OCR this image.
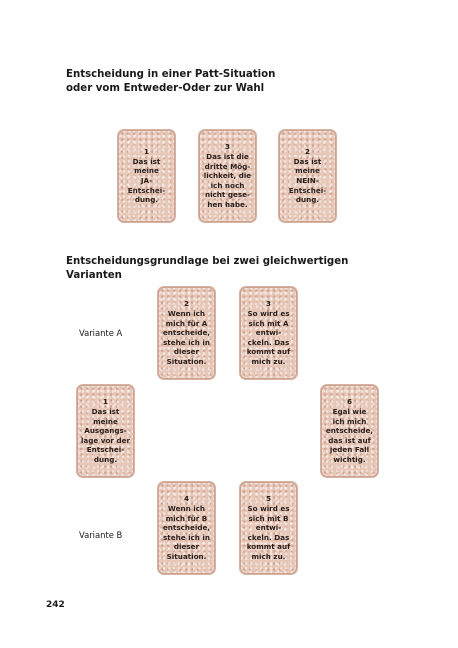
Entscheidung in einer Patt-Situation
oder vom Entweder-Oder zur Wahl

1
Das ist
meine
JA-
Entschei-
dung.

3
Das ist die
dritte Mög-
lichkeit, die
ich noch
nicht gese-
hen habe.

2
Das ist
meine
NEIN-
Entschei-
dung.

Entscheidungsgrundlage bei zwei gleichwertigen Varianten

2
Wenn ich
mich für A
entscheide,
stehe ich in
dieser
Situation.

3
So wird es
sich mit A
entwi-
ckeln. Das
kommt auf
mich zu.

Variante A

1
Das ist
meine
Ausgangs-
lage vor der
Entschei-
dung.

6
Egal wie
ich mich
entscheide,
das ist auf
jeden Fall
wichtig.

4
Wenn ich
mich für B
entscheide,
stehe ich in
dieser
Situation.

5
So wird es
sich mit B
entwi-
ckeln. Das
kommt auf
mich zu.

Variante B

242
